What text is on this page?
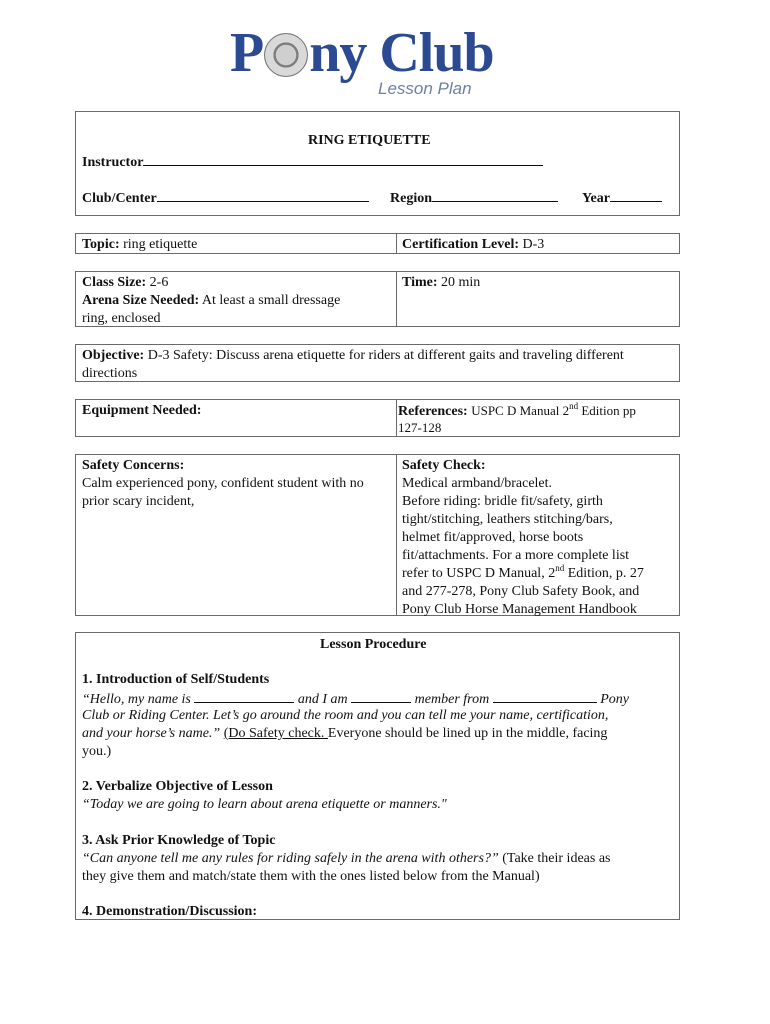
P ny Club
Lesson Plan
RING ETIQUETTE
Instructor
Club/Center	Region	Year
Topic: ring etiquette	Certification Level: D-3
Class Size: 2-6
Arena Size Needed: At least a small dressage
ring, enclosed
Time: 20 min
Objective: D-3 Safety: Discuss arena etiquette for riders at different gaits and traveling different
directions
Equipment Needed:	References: USPC D Manual 2nd Edition pp
127-128
Safety Concerns:
Calm experienced pony, confident student with no
prior scary incident,
Safety Check:
Medical armband/bracelet.
Before riding: bridle fit/safety, girth
tight/stitching, leathers stitching/bars,
helmet fit/approved, horse boots
fit/attachments. For a more complete list
refer to USPC D Manual, 2nd Edition, p. 27
and 277-278, Pony Club Safety Book, and
Pony Club Horse Management Handbook
Lesson Procedure
1. Introduction of Self/Students
“Hello, my name is	and I am	member from	Pony
Club or Riding Center. Let’s go around the room and you can tell me your name, certification,
and your horse’s name.” (Do Safety check. Everyone should be lined up in the middle, facing
you.)
2. Verbalize Objective of Lesson
“Today we are going to learn about arena etiquette or manners."
3. Ask Prior Knowledge of Topic
“Can anyone tell me any rules for riding safely in the arena with others?” (Take their ideas as
they give them and match/state them with the ones listed below from the Manual)
4. Demonstration/Discussion:
